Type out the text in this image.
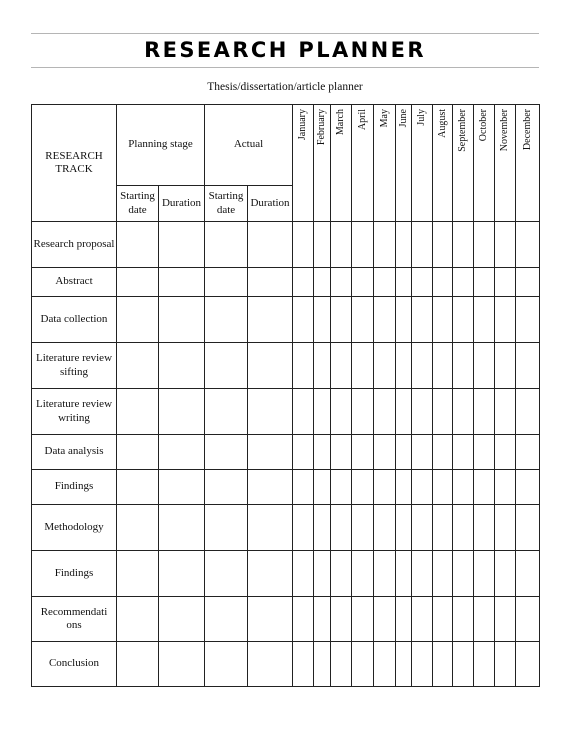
RESEARCH PLANNER
Thesis/dissertation/article planner
RESEARCH TRACK	Planning stage		Actual		January	February	March	April	May	June	July	August	September	October	November	December

	Starting date	Duration	Starting date	Duration												
Research proposal																
Abstract																
Data collection																
Literature review sifting																
Literature review writing																
Data analysis																
Findings																
Methodology																
Findings																
Recommendati ons																
Conclusion																
